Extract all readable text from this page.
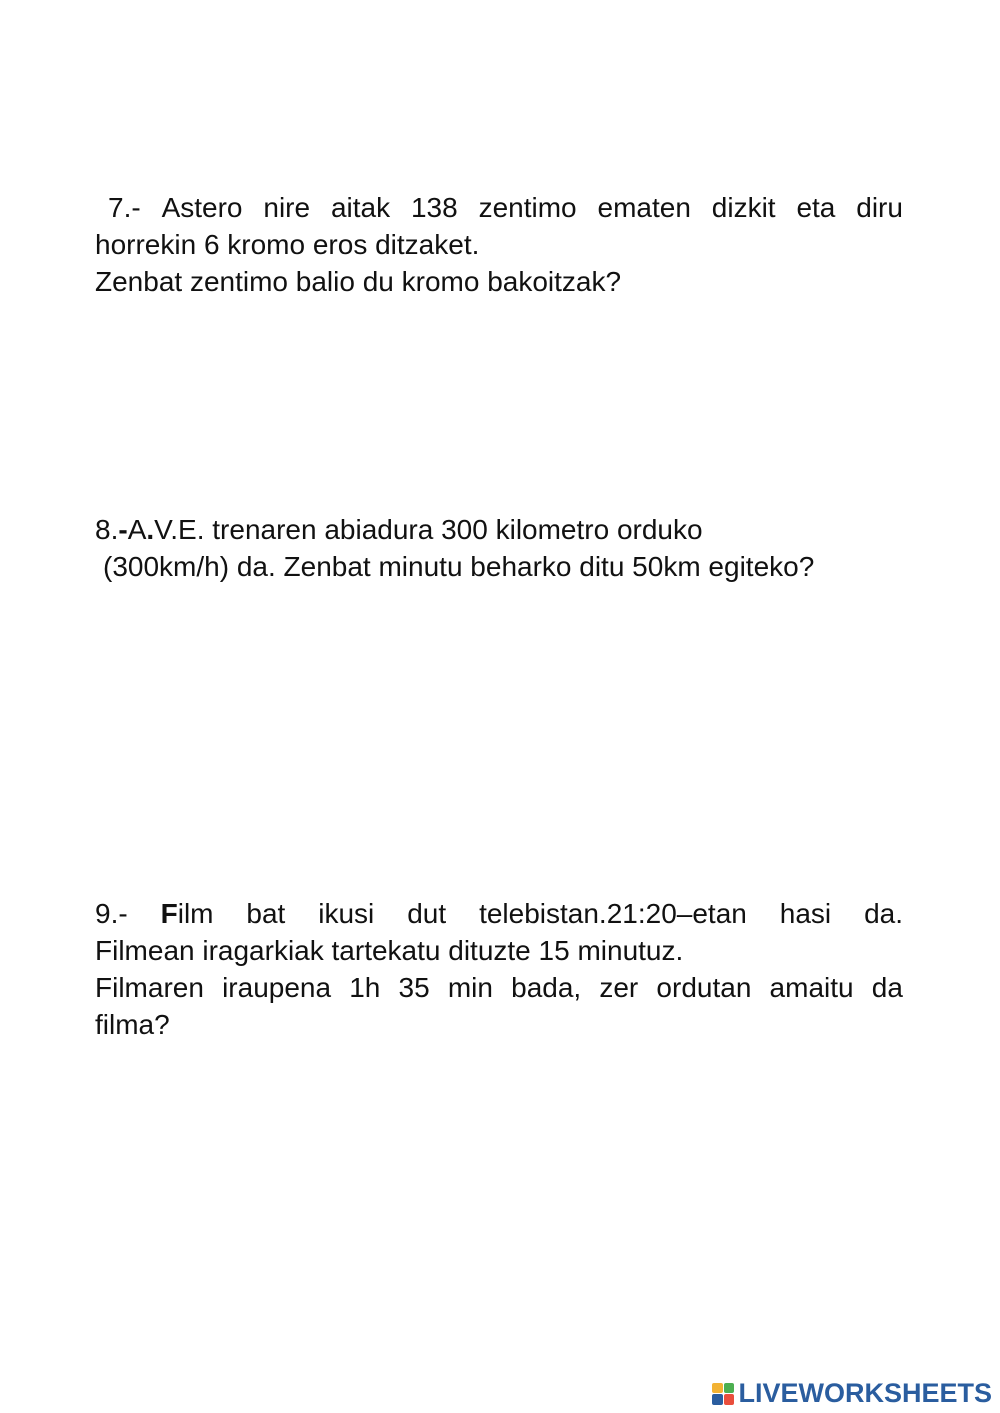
7.- Astero nire aitak 138 zentimo ematen dizkit eta diru
horrekin 6 kromo eros ditzaket.
Zenbat zentimo balio du kromo bakoitzak?
8.-A.V.E. trenaren abiadura 300 kilometro orduko
(300km/h) da. Zenbat minutu beharko ditu 50km egiteko?
9.- Film bat ikusi dut telebistan.21:20–etan hasi da.
Filmean iragarkiak tartekatu dituzte 15 minutuz.
Filmaren iraupena 1h 35 min bada, zer ordutan amaitu da
filma?
LIVEWORKSHEETS
